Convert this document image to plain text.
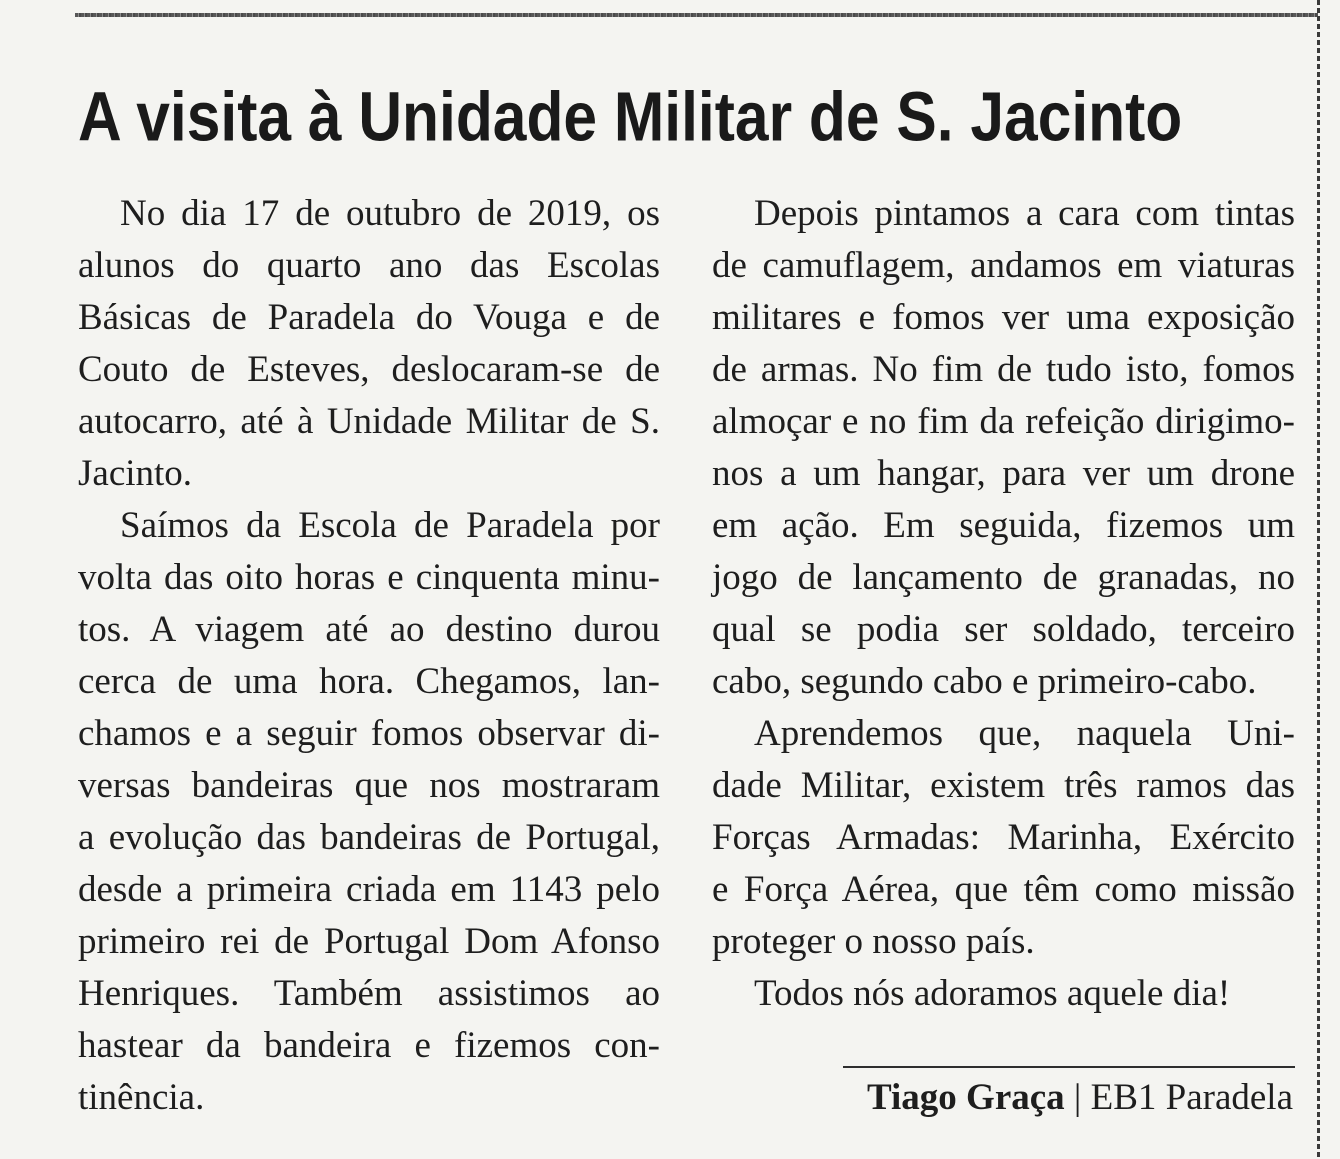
A visita à Unidade Militar de S. Jacinto
No dia 17 de outubro de 2019, os
alunos do quarto ano das Escolas
Básicas de Paradela do Vouga e de
Couto de Esteves, deslocaram-se de
autocarro, até à Unidade Militar de S.
Jacinto.
Saímos da Escola de Paradela por
volta das oito horas e cinquenta minu-
tos. A viagem até ao destino durou
cerca de uma hora. Chegamos, lan-
chamos e a seguir fomos observar di-
versas bandeiras que nos mostraram
a evolução das bandeiras de Portugal,
desde a primeira criada em 1143 pelo
primeiro rei de Portugal Dom Afonso
Henriques. Também assistimos ao
hastear da bandeira e fizemos con-
tinência.
Depois pintamos a cara com tintas
de camuflagem, andamos em viaturas
militares e fomos ver uma exposição
de armas. No fim de tudo isto, fomos
almoçar e no fim da refeição dirigimo-
nos a um hangar, para ver um drone
em ação. Em seguida, fizemos um
jogo de lançamento de granadas, no
qual se podia ser soldado, terceiro
cabo, segundo cabo e primeiro-cabo.
Aprendemos que, naquela Uni-
dade Militar, existem três ramos das
Forças Armadas: Marinha, Exército
e Força Aérea, que têm como missão
proteger o nosso país.
Todos nós adoramos aquele dia!
Tiago Graça | EB1 Paradela
